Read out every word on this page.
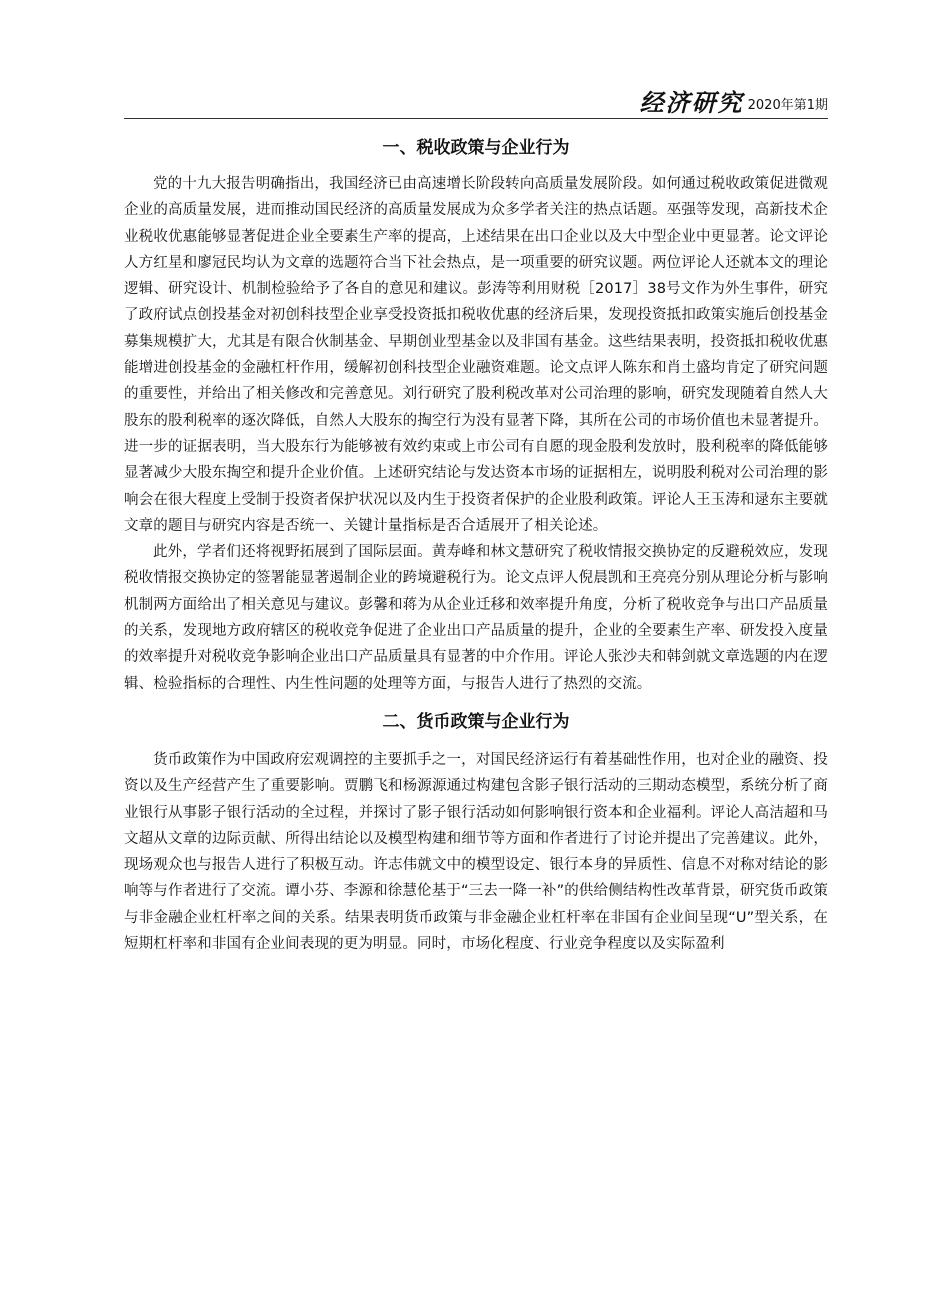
经济研究 2020年第1期
一、税收政策与企业行为

党的十九大报告明确指出，我国经济已由高速增长阶段转向高质量发展阶段。如何通过税收政策促进微观企业的高质量发展，进而推动国民经济的高质量发展成为众多学者关注的热点话题。巫强等发现，高新技术企业税收优惠能够显著促进企业全要素生产率的提高，上述结果在出口企业以及大中型企业中更显著。论文评论人方红星和廖冠民均认为文章的选题符合当下社会热点，是一项重要的研究议题。两位评论人还就本文的理论逻辑、研究设计、机制检验给予了各自的意见和建议。彭涛等利用财税［2017］38号文作为外生事件，研究了政府试点创投基金对初创科技型企业享受投资抵扣税收优惠的经济后果，发现投资抵扣政策实施后创投基金募集规模扩大，尤其是有限合伙制基金、早期创业型基金以及非国有基金。这些结果表明，投资抵扣税收优惠能增进创投基金的金融杠杆作用，缓解初创科技型企业融资难题。论文点评人陈东和肖土盛均肯定了研究问题的重要性，并给出了相关修改和完善意见。刘行研究了股利税改革对公司治理的影响，研究发现随着自然人大股东的股利税率的逐次降低，自然人大股东的掏空行为没有显著下降，其所在公司的市场价值也未显著提升。进一步的证据表明，当大股东行为能够被有效约束或上市公司有自愿的现金股利发放时，股利税率的降低能够显著减少大股东掏空和提升企业价值。上述研究结论与发达资本市场的证据相左，说明股利税对公司治理的影响会在很大程度上受制于投资者保护状况以及内生于投资者保护的企业股利政策。评论人王玉涛和逯东主要就文章的题目与研究内容是否统一、关键计量指标是否合适展开了相关论述。

此外，学者们还将视野拓展到了国际层面。黄寿峰和林文慧研究了税收情报交换协定的反避税效应，发现税收情报交换协定的签署能显著遏制企业的跨境避税行为。论文点评人倪晨凯和王亮亮分别从理论分析与影响机制两方面给出了相关意见与建议。彭馨和蒋为从企业迁移和效率提升角度，分析了税收竞争与出口产品质量的关系，发现地方政府辖区的税收竞争促进了企业出口产品质量的提升，企业的全要素生产率、研发投入度量的效率提升对税收竞争影响企业出口产品质量具有显著的中介作用。评论人张沙夫和韩剑就文章选题的内在逻辑、检验指标的合理性、内生性问题的处理等方面，与报告人进行了热烈的交流。

二、货币政策与企业行为

货币政策作为中国政府宏观调控的主要抓手之一，对国民经济运行有着基础性作用，也对企业的融资、投资以及生产经营产生了重要影响。贾鹏飞和杨源源通过构建包含影子银行活动的三期动态模型，系统分析了商业银行从事影子银行活动的全过程，并探讨了影子银行活动如何影响银行资本和企业福利。评论人高洁超和马文超从文章的边际贡献、所得出结论以及模型构建和细节等方面和作者进行了讨论并提出了完善建议。此外，现场观众也与报告人进行了积极互动。许志伟就文中的模型设定、银行本身的异质性、信息不对称对结论的影响等与作者进行了交流。谭小芬、李源和徐慧伦基于“三去一降一补”的供给侧结构性改革背景，研究货币政策与非金融企业杠杆率之间的关系。结果表明货币政策与非金融企业杠杆率在非国有企业间呈现“U”型关系，在短期杠杆率和非国有企业间表现的更为明显。同时，市场化程度、行业竞争程度以及实际盈利
